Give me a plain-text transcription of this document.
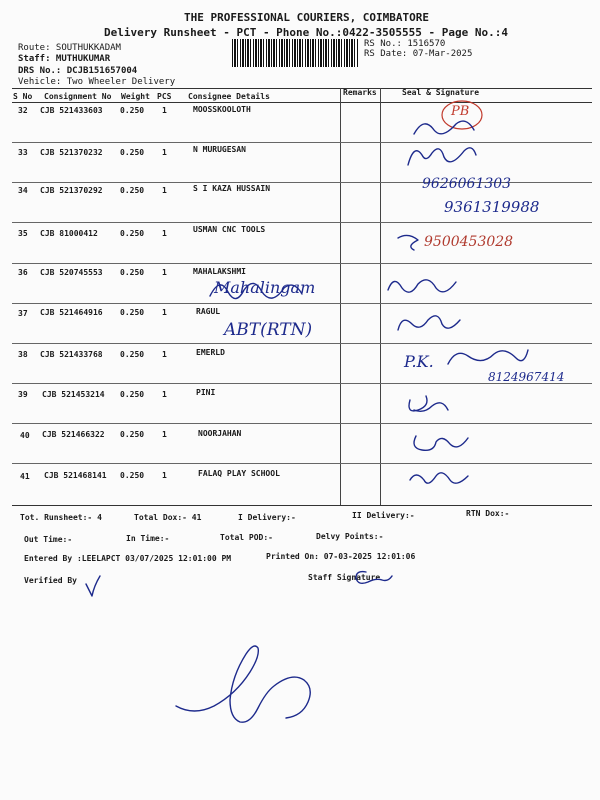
THE PROFESSIONAL COURIERS, COIMBATORE
Delivery Runsheet - PCT - Phone No.:0422-3505555 - Page No.:4
Route: SOUTHUKKADAM
Staff: MUTHUKUMAR
DRS No.: DCJB151657004
Vehicle: Two Wheeler Delivery
RS No.: 1516570
RS Date: 07-Mar-2025
S No Consignment No Weight PCS Consignee Details	Remarks	Seal & Signature
32 CJB 521433603 0.250 1	MOOSSKOOLOTH
33 CJB 521370232 0.250 1	N MURUGESAN
34 CJB 521370292 0.250 1	S I KAZA HUSSAIN
35 CJB 81000412	0.250 1	USMAN CNC TOOLS
36 CJB 520745553 0.250 1	MAHALAKSHMI
37 CJB 521464916 0.250 1	RAGUL
38 CJB 521433768 0.250 1	EMERLD
39 CJB 521453214 0.250 1	PINI
40 CJB 521466322 0.250 1	NOORJAHAN
41 CJB 521468141 0.250 1	FALAQ PLAY SCHOOL
Tot. Runsheet:- 4	Total Dox:- 41	I Delivery:-	II Delivery:-	RTN Dox:-
Out Time:-	In Time:-	Total POD:-	Delvy Points:-
Entered By :LEELAPCT 03/07/2025 12:01:00 PM	Printed On: 07-03-2025 12:01:06
Verified By	Staff Signature
9626061303
9361319988
9500453028
Mahalingam
ABT(RTN)
P.K.
8124967414
PB
